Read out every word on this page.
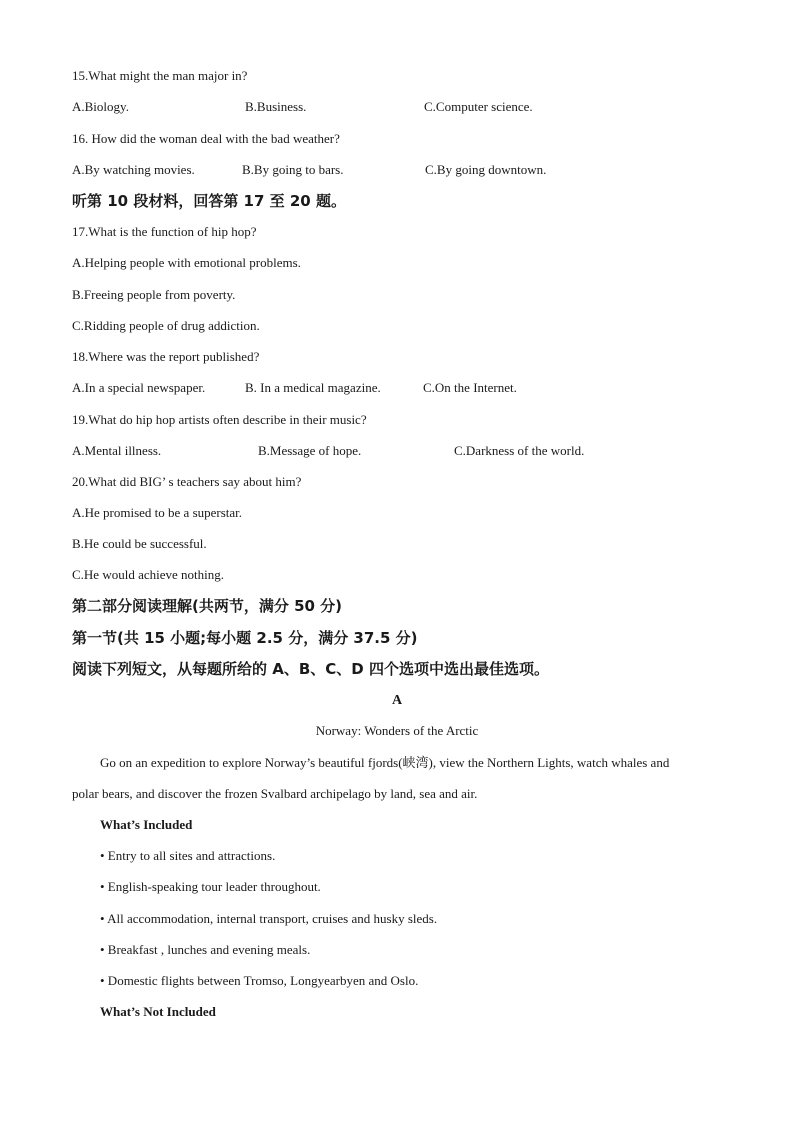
15.What might the man major in?
A.Biology.	B.Business.	C.Computer science.
16. How did the woman deal with the bad weather?
A.By watching movies.	B.By going to bars.	C.By going downtown.
听第 10 段材料，回答第 17 至 20 题。
17.What is the function of hip hop?
A.Helping people with emotional problems.
B.Freeing people from poverty.
C.Ridding people of drug addiction.
18.Where was the report published?
A.In a special newspaper.	B. In a medical magazine.	C.On the Internet.
19.What do hip hop artists often describe in their music?
A.Mental illness.	B.Message of hope.	C.Darkness of the world.
20.What did BIG’ s teachers say about him?
A.He promised to be a superstar.
B.He could be successful.
C.He would achieve nothing.
第二部分阅读理解(共两节，满分 50 分)
第一节(共 15 小题;每小题 2.5 分，满分 37.5 分)
阅读下列短文，从每题所给的 A、B、C、D 四个选项中选出最佳选项。
A
Norway: Wonders of the Arctic
Go on an expedition to explore Norway’s beautiful fjords(峡湾), view the Northern Lights, watch whales and
polar bears, and discover the frozen Svalbard archipelago by land, sea and air.
What’s Included
• Entry to all sites and attractions.
• English-speaking tour leader throughout.
• All accommodation, internal transport, cruises and husky sleds.
• Breakfast , lunches and evening meals.
• Domestic flights between Tromso, Longyearbyen and Oslo.
What’s Not Included
